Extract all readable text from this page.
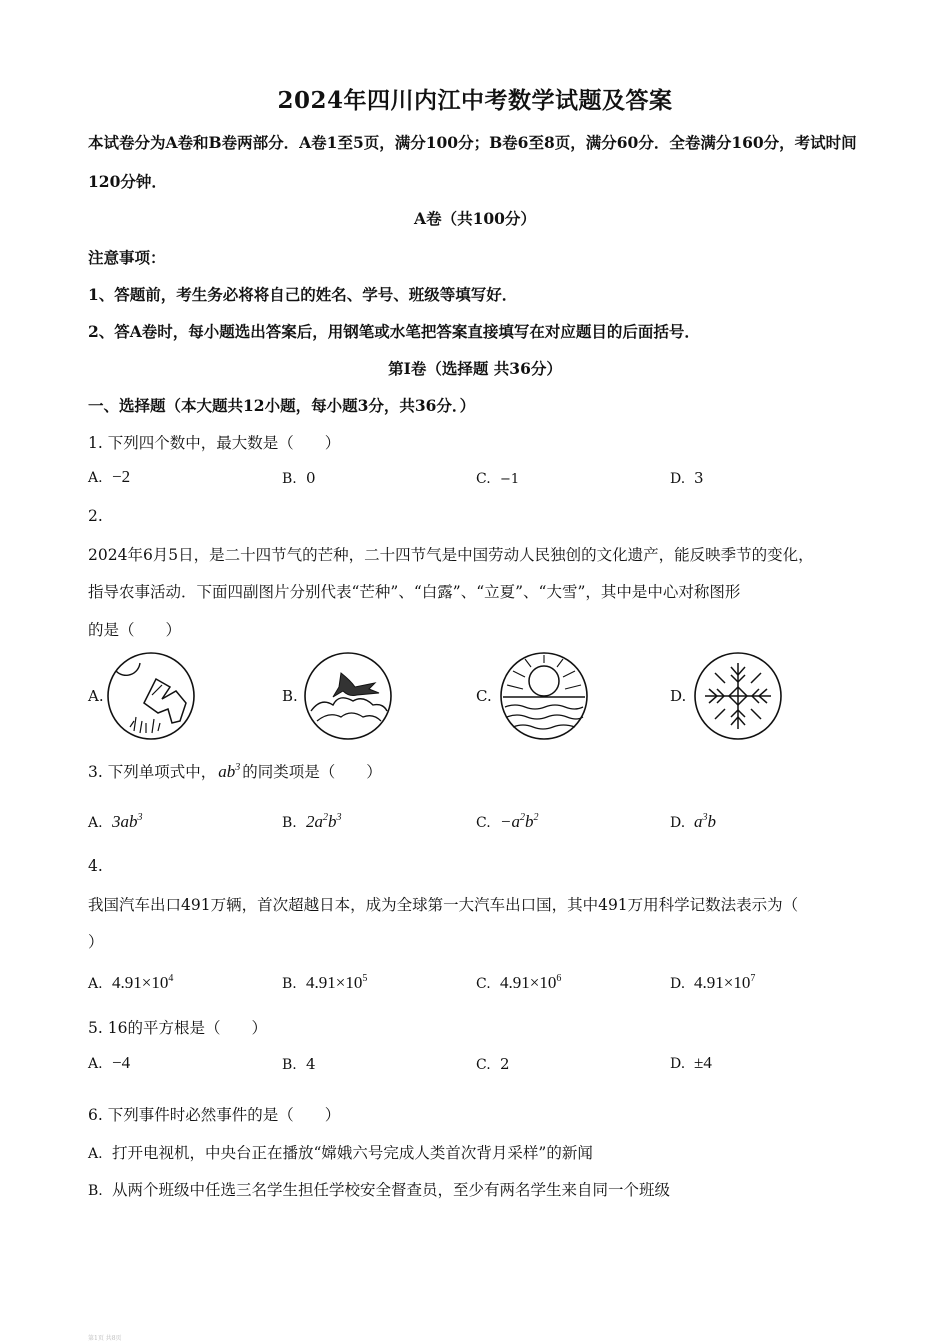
2024年四川内江中考数学试题及答案
本试卷分为A卷和B卷两部分．A卷1至5页，满分100分；B卷6至8页，满分60分．全卷满分160分，考试时间
120分钟．
A卷（共100分）
注意事项：
1、答题前，考生务必将将自己的姓名、学号、班级等填写好．
2、答A卷时，每小题选出答案后，用钢笔或水笔把答案直接填写在对应题目的后面括号．
第Ⅰ卷（选择题 共36分）
一、选择题（本大题共12小题，每小题3分，共36分．）
1. 下列四个数中，最大数是（　　）
A. −2	B. 0	C. −1	D. 3
2.
2024年6月5日，是二十四节气的芒种，二十四节气是中国劳动人民独创的文化遗产，能反映季节的变化，
指导农事活动．下面四副图片分别代表“芒种”、“白露”、“立夏”、“大雪”，其中是中心对称图形
的是（　　）
A.	B.	C.	D.
3. 下列单项式中， $ab^3$ 的同类项是（　　）
A. $3ab^3$	B. $2a^2b^3$	C. $-a^2b^2$	D. $a^3b$
4.
我国汽车出口491万辆，首次超越日本，成为全球第一大汽车出口国，其中491万用科学记数法表示为（
）
A. $4.91\times 10^4$	B. $4.91\times 10^5$	C. $4.91\times 10^6$	D. $4.91\times 10^7$
5. 16的平方根是（　　）
A. −4	B. 4	C. 2	D. ±4
6. 下列事件时必然事件的是（　　）
A. 打开电视机，中央台正在播放“嫦娥六号完成人类首次背月采样”的新闻
B. 从两个班级中任选三名学生担任学校安全督查员，至少有两名学生来自同一个班级
第1页 共8页
